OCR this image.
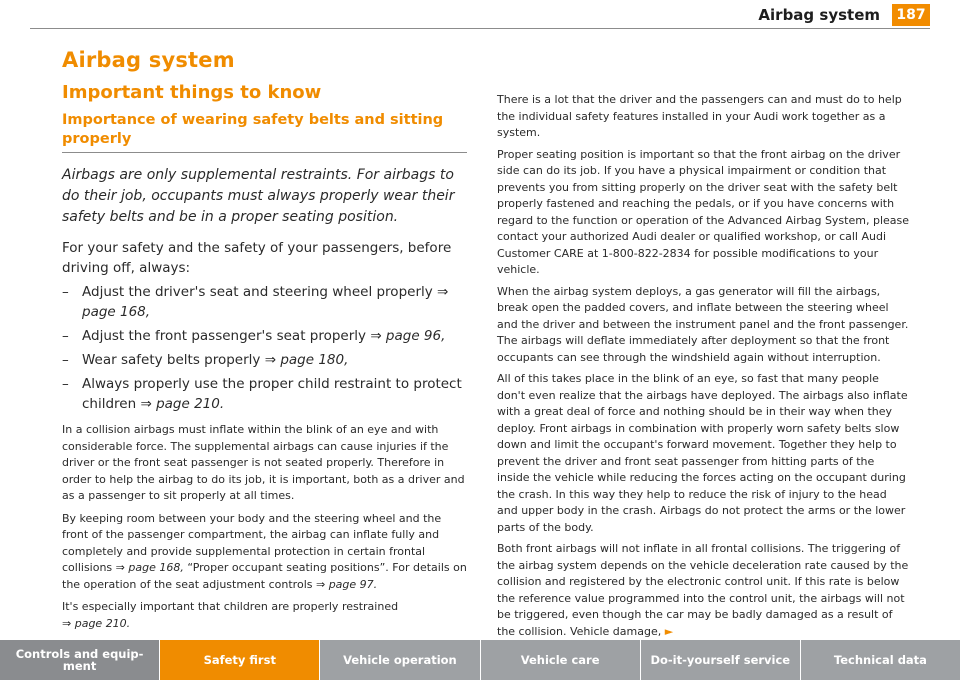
Airbag system	187
Airbag system
Important things to know
Importance of wearing safety belts and sitting properly

Airbags are only supplemental restraints. For airbags to do their job, occupants must always properly wear their safety belts and be in a proper seating position.

For your safety and the safety of your passengers, before driving off, always:

– Adjust the driver's seat and steering wheel properly ⇒ page 168,
– Adjust the front passenger's seat properly ⇒ page 96,
– Wear safety belts properly ⇒ page 180,
– Always properly use the proper child restraint to protect children ⇒ page 210.

In a collision airbags must inflate within the blink of an eye and with considerable force. The supplemental airbags can cause injuries if the driver or the front seat passenger is not seated properly. Therefore in order to help the airbag to do its job, it is important, both as a driver and as a passenger to sit properly at all times.

By keeping room between your body and the steering wheel and the front of the passenger compartment, the airbag can inflate fully and completely and provide supplemental protection in certain frontal collisions ⇒ page 168, “Proper occupant seating positions”. For details on the operation of the seat adjustment controls ⇒ page 97.

It's especially important that children are properly restrained
⇒ page 210.

There is a lot that the driver and the passengers can and must do to help the individual safety features installed in your Audi work together as a system.

Proper seating position is important so that the front airbag on the driver side can do its job. If you have a physical impairment or condition that prevents you from sitting properly on the driver seat with the safety belt properly fastened and reaching the pedals, or if you have concerns with regard to the function or operation of the Advanced Airbag System, please contact your authorized Audi dealer or qualified workshop, or call Audi Customer CARE at 1-800-822-2834 for possible modifications to your vehicle.

When the airbag system deploys, a gas generator will fill the airbags, break open the padded covers, and inflate between the steering wheel and the driver and between the instrument panel and the front passenger. The airbags will deflate immediately after deployment so that the front occupants can see through the windshield again without interruption.

All of this takes place in the blink of an eye, so fast that many people don't even realize that the airbags have deployed. The airbags also inflate with a great deal of force and nothing should be in their way when they deploy. Front airbags in combination with properly worn safety belts slow down and limit the occupant's forward movement. Together they help to prevent the driver and front seat passenger from hitting parts of the inside the vehicle while reducing the forces acting on the occupant during the crash. In this way they help to reduce the risk of injury to the head and upper body in the crash. Airbags do not protect the arms or the lower parts of the body.

Both front airbags will not inflate in all frontal collisions. The triggering of the airbag system depends on the vehicle deceleration rate caused by the collision and registered by the electronic control unit. If this rate is below the reference value programmed into the control unit, the airbags will not be triggered, even though the car may be badly damaged as a result of the collision. Vehicle damage, ►

Controls and equip-
ment	Safety first	Vehicle operation	Vehicle care	Do-it-yourself service	Technical data
